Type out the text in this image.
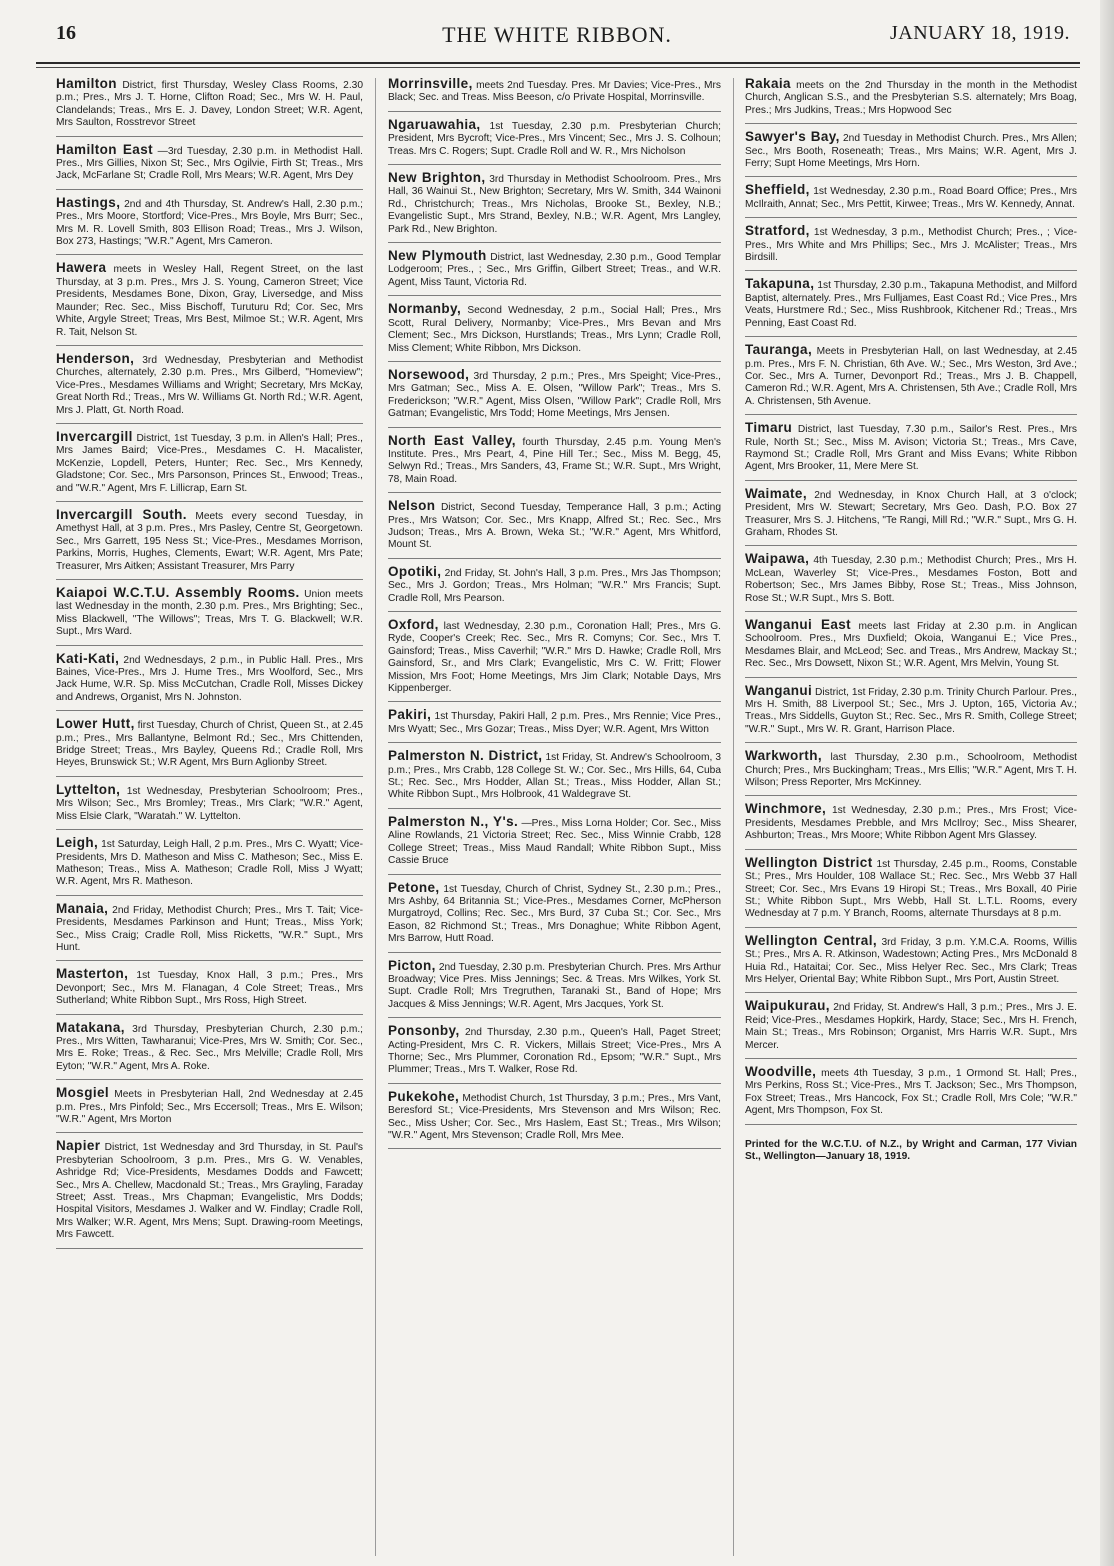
16	THE WHITE RIBBON.	JANUARY 18, 1919.

Hamilton District, first Thursday, Wesley Class Rooms, 2.30 p.m.; Pres., Mrs J. T. Horne, Clifton Road; Sec., Mrs W. H. Paul, Clandelands; Treas., Mrs E. J. Davey, London Street; W.R. Agent, Mrs Saulton, Rosstrevor Street

Hamilton East —3rd Tuesday, 2.30 p.m. in Methodist Hall. Pres., Mrs Gillies, Nixon St; Sec., Mrs Ogilvie, Firth St; Treas., Mrs Jack, McFarlane St; Cradle Roll, Mrs Mears; W.R. Agent, Mrs Dey

Hastings, 2nd and 4th Thursday, St. Andrew's Hall, 2.30 p.m.; Pres., Mrs Moore, Stortford; Vice-Pres., Mrs Boyle, Mrs Burr; Sec., Mrs M. R. Lovell Smith, 803 Ellison Road; Treas., Mrs J. Wilson, Box 273, Hastings; "W.R." Agent, Mrs Cameron.

Hawera meets in Wesley Hall, Regent Street, on the last Thursday, at 3 p.m. Pres., Mrs J. S. Young, Cameron Street; Vice Presidents, Mesdames Bone, Dixon, Gray, Liversedge, and Miss Maunder; Rec. Sec., Miss Bischoff, Turuturu Rd; Cor. Sec, Mrs White, Argyle Street; Treas, Mrs Best, Milmoe St.; W.R. Agent, Mrs R. Tait, Nelson St.

Henderson, 3rd Wednesday, Presbyterian and Methodist Churches, alternately, 2.30 p.m. Pres., Mrs Gilberd, "Homeview"; Vice-Pres., Mesdames Williams and Wright; Secretary, Mrs McKay, Great North Rd.; Treas., Mrs W. Williams Gt. North Rd.; W.R. Agent, Mrs J. Platt, Gt. North Road.

Invercargill District, 1st Tuesday, 3 p.m. in Allen's Hall; Pres., Mrs James Baird; Vice-Pres., Mesdames C. H. Macalister, McKenzie, Lopdell, Peters, Hunter; Rec. Sec., Mrs Kennedy, Gladstone; Cor. Sec., Mrs Parsonson, Princes St., Enwood; Treas., and "W.R." Agent, Mrs F. Lillicrap, Earn St.

Invercargill South. Meets every second Tuesday, in Amethyst Hall, at 3 p.m. Pres., Mrs Pasley, Centre St, Georgetown. Sec., Mrs Garrett, 195 Ness St.; Vice-Pres., Mesdames Morrison, Parkins, Morris, Hughes, Clements, Ewart; W.R. Agent, Mrs Pate; Treasurer, Mrs Aitken; Assistant Treasurer, Mrs Parry

Kaiapoi W.C.T.U. Assembly Rooms. Union meets last Wednesday in the month, 2.30 p.m. Pres., Mrs Brighting; Sec., Miss Blackwell, "The Willows"; Treas, Mrs T. G. Blackwell; W.R. Supt., Mrs Ward.

Kati-Kati, 2nd Wednesdays, 2 p.m., in Public Hall. Pres., Mrs Baines, Vice-Pres., Mrs J. Hume Tres., Mrs Woolford, Sec., Mrs Jack Hume, W.R. Sp. Miss McCutchan, Cradle Roll, Misses Dickey and Andrews, Organist, Mrs N. Johnston.

Lower Hutt, first Tuesday, Church of Christ, Queen St., at 2.45 p.m.; Pres., Mrs Ballantyne, Belmont Rd.; Sec., Mrs Chittenden, Bridge Street; Treas., Mrs Bayley, Queens Rd.; Cradle Roll, Mrs Heyes, Brunswick St.; W.R Agent, Mrs Burn Aglionby Street.

Lyttelton, 1st Wednesday, Presbyterian Schoolroom; Pres., Mrs Wilson; Sec., Mrs Bromley; Treas., Mrs Clark; "W.R." Agent, Miss Elsie Clark, "Waratah." W. Lyttelton.

Leigh, 1st Saturday, Leigh Hall, 2 p.m. Pres., Mrs C. Wyatt; Vice-Presidents, Mrs D. Matheson and Miss C. Matheson; Sec., Miss E. Matheson; Treas., Miss A. Matheson; Cradle Roll, Miss J Wyatt; W.R. Agent, Mrs R. Matheson.

Manaia, 2nd Friday, Methodist Church; Pres., Mrs T. Tait; Vice-Presidents, Mesdames Parkinson and Hunt; Treas., Miss York; Sec., Miss Craig; Cradle Roll, Miss Ricketts, "W.R." Supt., Mrs Hunt.

Masterton, 1st Tuesday, Knox Hall, 3 p.m.; Pres., Mrs Devonport; Sec., Mrs M. Flanagan, 4 Cole Street; Treas., Mrs Sutherland; White Ribbon Supt., Mrs Ross, High Street.

Matakana, 3rd Thursday, Presbyterian Church, 2.30 p.m.; Pres., Mrs Witten, Tawharanui; Vice-Pres, Mrs W. Smith; Cor. Sec., Mrs E. Roke; Treas., & Rec. Sec., Mrs Melville; Cradle Roll, Mrs Eyton; "W.R." Agent, Mrs A. Roke.

Mosgiel Meets in Presbyterian Hall, 2nd Wednesday at 2.45 p.m. Pres., Mrs Pinfold; Sec., Mrs Eccersoll; Treas., Mrs E. Wilson; "W.R." Agent, Mrs Morton

Napier District, 1st Wednesday and 3rd Thursday, in St. Paul's Presbyterian Schoolroom, 3 p.m. Pres., Mrs G. W. Venables, Ashridge Rd; Vice-Presidents, Mesdames Dodds and Fawcett; Sec., Mrs A. Chellew, Macdonald St.; Treas., Mrs Grayling, Faraday Street; Asst. Treas., Mrs Chapman; Evangelistic, Mrs Dodds; Hospital Visitors, Mesdames J. Walker and W. Findlay; Cradle Roll, Mrs Walker; W.R. Agent, Mrs Mens; Supt. Drawing-room Meetings, Mrs Fawcett.

Morrinsville, meets 2nd Tuesday. Pres. Mr Davies; Vice-Pres., Mrs Black; Sec. and Treas. Miss Beeson, c/o Private Hospital, Morrinsville.

Ngaruawahia, 1st Tuesday, 2.30 p.m. Presbyterian Church; President, Mrs Bycroft; Vice-Pres., Mrs Vincent; Sec., Mrs J. S. Colhoun; Treas. Mrs C. Rogers; Supt. Cradle Roll and W. R., Mrs Nicholson

New Brighton, 3rd Thursday in Methodist Schoolroom. Pres., Mrs Hall, 36 Wainui St., New Brighton; Secretary, Mrs W. Smith, 344 Wainoni Rd., Christchurch; Treas., Mrs Nicholas, Brooke St., Bexley, N.B.; Evangelistic Supt., Mrs Strand, Bexley, N.B.; W.R. Agent, Mrs Langley, Park Rd., New Brighton.

New Plymouth District, last Wednesday, 2.30 p.m., Good Templar Lodgeroom; Pres., ; Sec., Mrs Griffin, Gilbert Street; Treas., and W.R. Agent, Miss Taunt, Victoria Rd.

Normanby, Second Wednesday, 2 p.m., Social Hall; Pres., Mrs Scott, Rural Delivery, Normanby; Vice-Pres., Mrs Bevan and Mrs Clement; Sec., Mrs Dickson, Hurstlands; Treas., Mrs Lynn; Cradle Roll, Miss Clement; White Ribbon, Mrs Dickson.

Norsewood, 3rd Thursday, 2 p.m.; Pres., Mrs Speight; Vice-Pres., Mrs Gatman; Sec., Miss A. E. Olsen, "Willow Park"; Treas., Mrs S. Frederickson; "W.R." Agent, Miss Olsen, "Willow Park"; Cradle Roll, Mrs Gatman; Evangelistic, Mrs Todd; Home Meetings, Mrs Jensen.

North East Valley, fourth Thursday, 2.45 p.m. Young Men's Institute. Pres., Mrs Peart, 4, Pine Hill Ter.; Sec., Miss M. Begg, 45, Selwyn Rd.; Treas., Mrs Sanders, 43, Frame St.; W.R. Supt., Mrs Wright, 78, Main Road.

Nelson District, Second Tuesday, Temperance Hall, 3 p.m.; Acting Pres., Mrs Watson; Cor. Sec., Mrs Knapp, Alfred St.; Rec. Sec., Mrs Judson; Treas., Mrs A. Brown, Weka St.; "W.R." Agent, Mrs Whitford, Mount St.

Opotiki, 2nd Friday, St. John's Hall, 3 p.m. Pres., Mrs Jas Thompson; Sec., Mrs J. Gordon; Treas., Mrs Holman; "W.R." Mrs Francis; Supt. Cradle Roll, Mrs Pearson.

Oxford, last Wednesday, 2.30 p.m., Coronation Hall; Pres., Mrs G. Ryde, Cooper's Creek; Rec. Sec., Mrs R. Comyns; Cor. Sec., Mrs T. Gainsford; Treas., Miss Caverhil; "W.R." Mrs D. Hawke; Cradle Roll, Mrs Gainsford, Sr., and Mrs Clark; Evangelistic, Mrs C. W. Fritt; Flower Mission, Mrs Foot; Home Meetings, Mrs Jim Clark; Notable Days, Mrs Kippenberger.

Pakiri, 1st Thursday, Pakiri Hall, 2 p.m. Pres., Mrs Rennie; Vice Pres., Mrs Wyatt; Sec., Mrs Gozar; Treas., Miss Dyer; W.R. Agent, Mrs Witton

Palmerston N. District, 1st Friday, St. Andrew's Schoolroom, 3 p.m.; Pres., Mrs Crabb, 128 College St. W.; Cor. Sec., Mrs Hills, 64, Cuba St.; Rec. Sec., Mrs Hodder, Allan St.; Treas., Miss Hodder, Allan St.; White Ribbon Supt., Mrs Holbrook, 41 Waldegrave St.

Palmerston N., Y's. —Pres., Miss Lorna Holder; Cor. Sec., Miss Aline Rowlands, 21 Victoria Street; Rec. Sec., Miss Winnie Crabb, 128 College Street; Treas., Miss Maud Randall; White Ribbon Supt., Miss Cassie Bruce

Petone, 1st Tuesday, Church of Christ, Sydney St., 2.30 p.m.; Pres., Mrs Ashby, 64 Britannia St.; Vice-Pres., Mesdames Corner, McPherson Murgatroyd, Collins; Rec. Sec., Mrs Burd, 37 Cuba St.; Cor. Sec., Mrs Eason, 82 Richmond St.; Treas., Mrs Donaghue; White Ribbon Agent, Mrs Barrow, Hutt Road.

Picton, 2nd Tuesday, 2.30 p.m. Presbyterian Church. Pres. Mrs Arthur Broadway; Vice Pres. Miss Jennings; Sec. & Treas. Mrs Wilkes, York St. Supt. Cradle Roll; Mrs Tregruthen, Taranaki St., Band of Hope; Mrs Jacques & Miss Jennings; W.R. Agent, Mrs Jacques, York St.

Ponsonby, 2nd Thursday, 2.30 p.m., Queen's Hall, Paget Street; Acting-President, Mrs C. R. Vickers, Millais Street; Vice-Pres., Mrs A Thorne; Sec., Mrs Plummer, Coronation Rd., Epsom; "W.R." Supt., Mrs Plummer; Treas., Mrs T. Walker, Rose Rd.

Pukekohe, Methodist Church, 1st Thursday, 3 p.m.; Pres., Mrs Vant, Beresford St.; Vice-Presidents, Mrs Stevenson and Mrs Wilson; Rec. Sec., Miss Usher; Cor. Sec., Mrs Haslem, East St.; Treas., Mrs Wilson; "W.R." Agent, Mrs Stevenson; Cradle Roll, Mrs Mee.

Rakaia meets on the 2nd Thursday in the month in the Methodist Church, Anglican S.S., and the Presbyterian S.S. alternately; Mrs Boag, Pres.; Mrs Judkins, Treas.; Mrs Hopwood Sec

Sawyer's Bay, 2nd Tuesday in Methodist Church. Pres., Mrs Allen; Sec., Mrs Booth, Roseneath; Treas., Mrs Mains; W.R. Agent, Mrs J. Ferry; Supt Home Meetings, Mrs Horn.

Sheffield, 1st Wednesday, 2.30 p.m., Road Board Office; Pres., Mrs McIlraith, Annat; Sec., Mrs Pettit, Kirwee; Treas., Mrs W. Kennedy, Annat.

Stratford, 1st Wednesday, 3 p.m., Methodist Church; Pres., ; Vice-Pres., Mrs White and Mrs Phillips; Sec., Mrs J. McAlister; Treas., Mrs Birdsill.

Takapuna, 1st Thursday, 2.30 p.m., Takapuna Methodist, and Milford Baptist, alternately. Pres., Mrs Fulljames, East Coast Rd.; Vice Pres., Mrs Veats, Hurstmere Rd.; Sec., Miss Rushbrook, Kitchener Rd.; Treas., Mrs Penning, East Coast Rd.

Tauranga, Meets in Presbyterian Hall, on last Wednesday, at 2.45 p.m. Pres., Mrs F. N. Christian, 6th Ave. W.; Sec., Mrs Weston, 3rd Ave.; Cor. Sec., Mrs A. Turner, Devonport Rd.; Treas., Mrs J. B. Chappell, Cameron Rd.; W.R. Agent, Mrs A. Christensen, 5th Ave.; Cradle Roll, Mrs A. Christensen, 5th Avenue.

Timaru District, last Tuesday, 7.30 p.m., Sailor's Rest. Pres., Mrs Rule, North St.; Sec., Miss M. Avison; Victoria St.; Treas., Mrs Cave, Raymond St.; Cradle Roll, Mrs Grant and Miss Evans; White Ribbon Agent, Mrs Brooker, 11, Mere Mere St.

Waimate, 2nd Wednesday, in Knox Church Hall, at 3 o'clock; President, Mrs W. Stewart; Secretary, Mrs Geo. Dash, P.O. Box 27 Treasurer, Mrs S. J. Hitchens, "Te Rangi, Mill Rd.; "W.R." Supt., Mrs G. H. Graham, Rhodes St.

Waipawa, 4th Tuesday, 2.30 p.m.; Methodist Church; Pres., Mrs H. McLean, Waverley St; Vice-Pres., Mesdames Foston, Bott and Robertson; Sec., Mrs James Bibby, Rose St.; Treas., Miss Johnson, Rose St.; W.R Supt., Mrs S. Bott.

Wanganui East meets last Friday at 2.30 p.m. in Anglican Schoolroom. Pres., Mrs Duxfield; Okoia, Wanganui E.; Vice Pres., Mesdames Blair, and McLeod; Sec. and Treas., Mrs Andrew, Mackay St.; Rec. Sec., Mrs Dowsett, Nixon St.; W.R. Agent, Mrs Melvin, Young St.

Wanganui District, 1st Friday, 2.30 p.m. Trinity Church Parlour. Pres., Mrs H. Smith, 88 Liverpool St.; Sec., Mrs J. Upton, 165, Victoria Av.; Treas., Mrs Siddells, Guyton St.; Rec. Sec., Mrs R. Smith, College Street; "W.R." Supt., Mrs W. R. Grant, Harrison Place.

Warkworth, last Thursday, 2.30 p.m., Schoolroom, Methodist Church; Pres., Mrs Buckingham; Treas., Mrs Ellis; "W.R." Agent, Mrs T. H. Wilson; Press Reporter, Mrs McKinney.

Winchmore, 1st Wednesday, 2.30 p.m.; Pres., Mrs Frost; Vice-Presidents, Mesdames Prebble, and Mrs McIlroy; Sec., Miss Shearer, Ashburton; Treas., Mrs Moore; White Ribbon Agent Mrs Glassey.

Wellington District 1st Thursday, 2.45 p.m., Rooms, Constable St.; Pres., Mrs Houlder, 108 Wallace St.; Rec. Sec., Mrs Webb 37 Hall Street; Cor. Sec., Mrs Evans 19 Hiropi St.; Treas., Mrs Boxall, 40 Pirie St.; White Ribbon Supt., Mrs Webb, Hall St. L.T.L. Rooms, every Wednesday at 7 p.m. Y Branch, Rooms, alternate Thursdays at 8 p.m.

Wellington Central, 3rd Friday, 3 p.m. Y.M.C.A. Rooms, Willis St.; Pres., Mrs A. R. Atkinson, Wadestown; Acting Pres., Mrs McDonald 8 Huia Rd., Hataitai; Cor. Sec., Miss Helyer Rec. Sec., Mrs Clark; Treas Mrs Helyer, Oriental Bay; White Ribbon Supt., Mrs Port, Austin Street.

Waipukurau, 2nd Friday, St. Andrew's Hall, 3 p.m.; Pres., Mrs J. E. Reid; Vice-Pres., Mesdames Hopkirk, Hardy, Stace; Sec., Mrs H. French, Main St.; Treas., Mrs Robinson; Organist, Mrs Harris W.R. Supt., Mrs Mercer.

Woodville, meets 4th Tuesday, 3 p.m., 1 Ormond St. Hall; Pres., Mrs Perkins, Ross St.; Vice-Pres., Mrs T. Jackson; Sec., Mrs Thompson, Fox Street; Treas., Mrs Hancock, Fox St.; Cradle Roll, Mrs Cole; "W.R." Agent, Mrs Thompson, Fox St.

Printed for the W.C.T.U. of N.Z., by Wright and Carman, 177 Vivian St., Wellington—January 18, 1919.
